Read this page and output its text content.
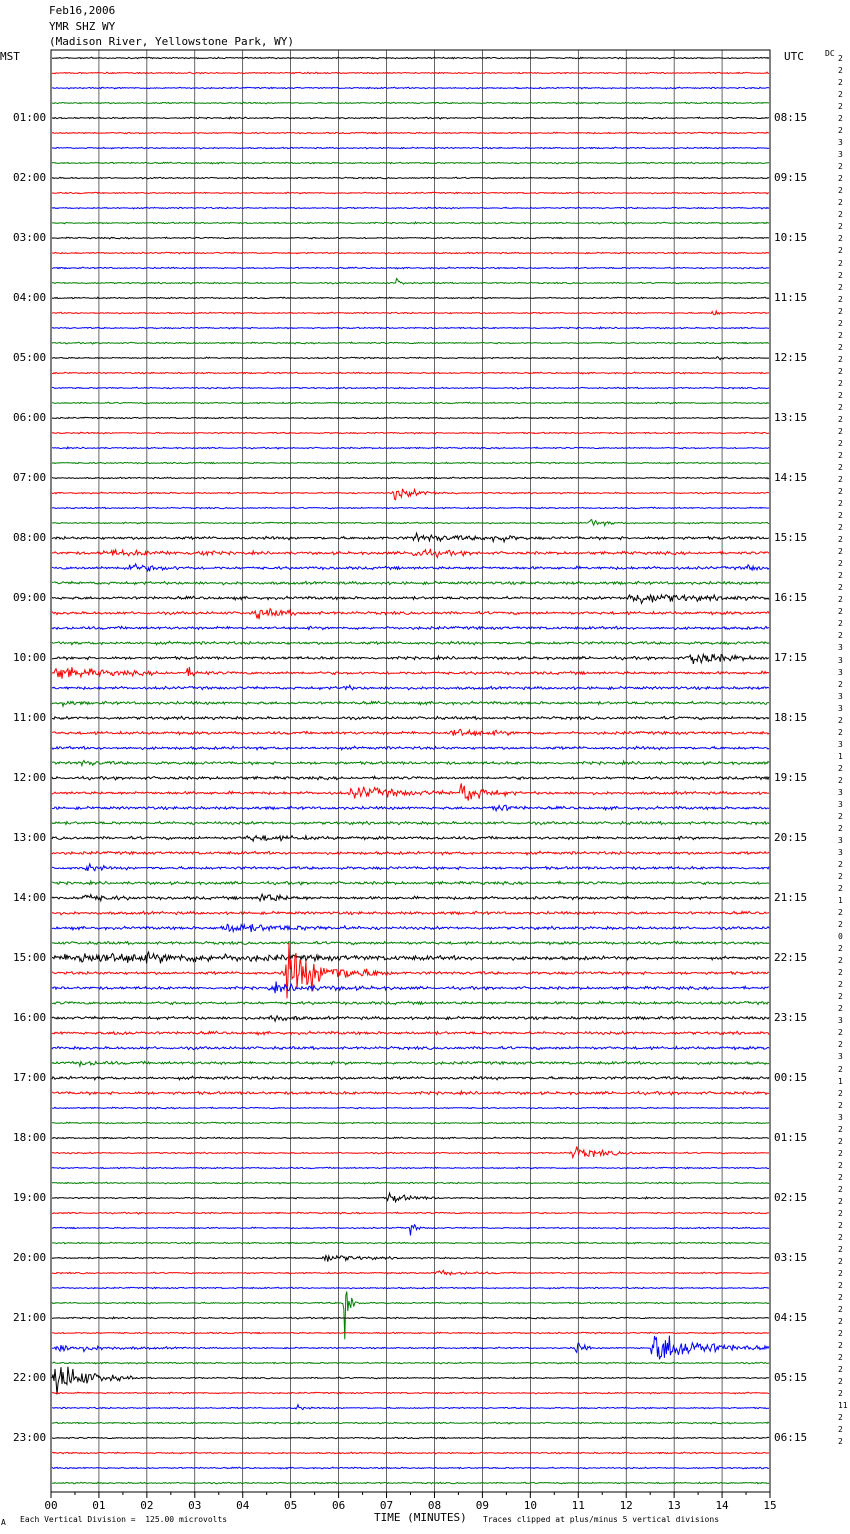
Feb16,2006
YMR SHZ WY
(Madison River, Yellowstone Park, WY)
MST	UTC	DC
00	01	02	03	04	05	06	07	08	09	10	11	12	13	14	15
01:00
02:00
03:00
04:00
05:00
06:00
07:00
08:00
09:00
10:00
11:00
12:00
13:00
14:00
15:00
16:00
17:00
18:00
19:00
20:00
21:00
22:00
23:00
08:15
09:15
10:15
11:15
12:15
13:15
14:15
15:15
16:15
17:15
18:15
19:15
20:15
21:15
22:15
23:15
00:15
01:15
02:15
03:15
04:15
05:15
06:15
2
2
2
2
2
2
2
3
3
2
2
2
2
2
2
2
2
2
2
2
2
2
2
2
2
2
2
2
2
2
2
2
2
2
2
2
2
2
2
2
2
2
2
2
2
2
2
2
2
3
3
3
2
3
3
2
2
3
1
2
2
3
3
2
2
3
3
2
2
2
1
2
2
0
2
2
2
2
2
2
3
2
2
3
2
1
2
2
3
2
2
2
2
2
2
2
2
2
2
2
2
2
2
2
2
2
2
2
2
2
2
2
11
2
2
2
A Each Vertical Division =  125.00 microvolts	TIME (MINUTES) Traces clipped at plus/minus 5 vertical divisions
